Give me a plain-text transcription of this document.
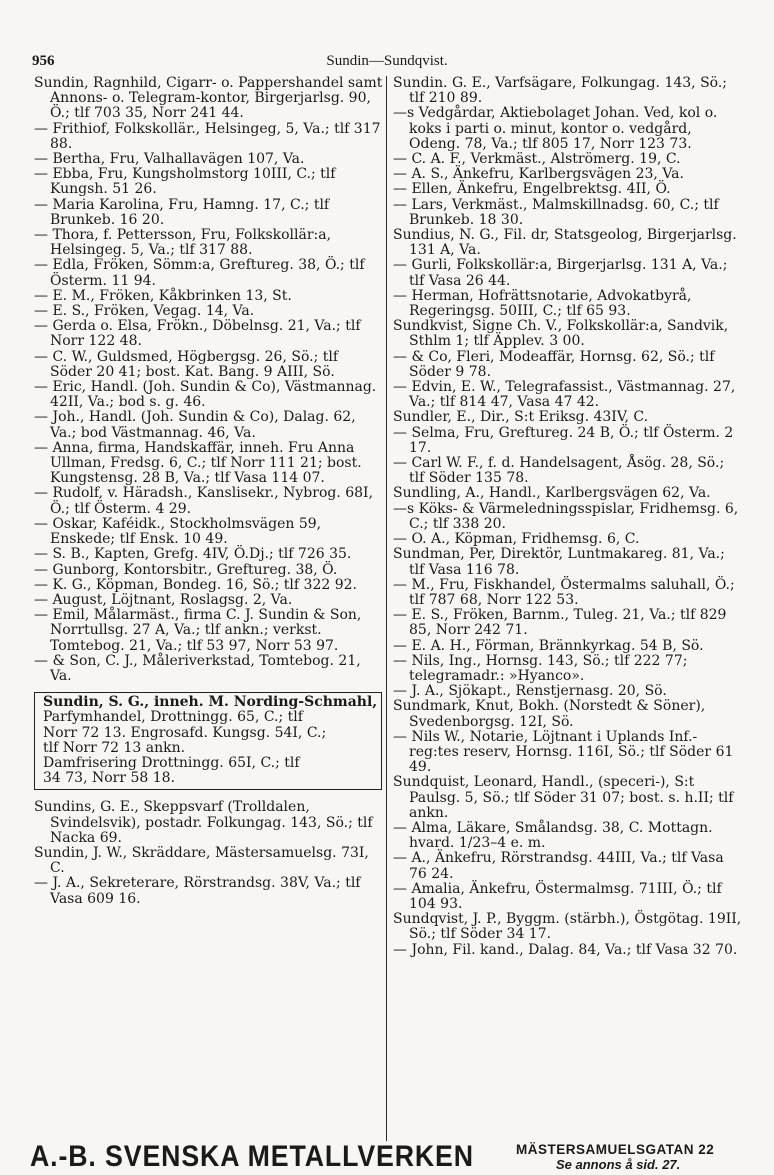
956	Sundin—Sundqvist.
Sundin, Ragnhild, Cigarr- o. Pappershandel samt Annons- o. Telegram-kontor, Birgerjarlsg. 90, Ö.; tlf 703 35, Norr 241 44.
— Frithiof, Folkskollär., Helsingeg, 5, Va.; tlf 317 88.
— Bertha, Fru, Valhallavägen 107, Va.
— Ebba, Fru, Kungsholmstorg 10III, C.; tlf Kungsh. 51 26.
— Maria Karolina, Fru, Hamng. 17, C.; tlf Brunkeb. 16 20.
— Thora, f. Pettersson, Fru, Folkskollär:a, Helsingeg. 5, Va.; tlf 317 88.
— Edla, Fröken, Sömm:a, Greftureg. 38, Ö.; tlf Österm. 11 94.
— E. M., Fröken, Kåkbrinken 13, St.
— E. S., Fröken, Vegag. 14, Va.
— Gerda o. Elsa, Frökn., Döbelnsg. 21, Va.; tlf Norr 122 48.
— C. W., Guldsmed, Högbergsg. 26, Sö.; tlf Söder 20 41; bost. Kat. Bang. 9 AIII, Sö.
— Eric, Handl. (Joh. Sundin & Co), Västmannag. 42II, Va.; bod s. g. 46.
— Joh., Handl. (Joh. Sundin & Co), Dalag. 62, Va.; bod Västmannag. 46, Va.
— Anna, firma, Handskaffär, inneh. Fru Anna Ullman, Fredsg. 6, C.; tlf Norr 111 21; bost. Kungstensg. 28 B, Va.; tlf Vasa 114 07.
— Rudolf, v. Häradsh., Kanslisekr., Nybrog. 68I, Ö.; tlf Österm. 4 29.
— Oskar, Kaféidk., Stockholmsvägen 59, Enskede; tlf Ensk. 10 49.
— S. B., Kapten, Grefg. 4IV, Ö.Dj.; tlf 726 35.
— Gunborg, Kontorsbitr., Greftureg. 38, Ö.
— K. G., Köpman, Bondeg. 16, Sö.; tlf 322 92.
— August, Löjtnant, Roslagsg. 2, Va.
— Emil, Målarmäst., firma C. J. Sundin & Son, Norrtullsg. 27 A, Va.; tlf ankn.; verkst. Tomtebog. 21, Va.; tlf 53 97, Norr 53 97.
— & Son, C. J., Måleriverkstad, Tomtebog. 21, Va.
Sundin, S. G., inneh. M. Nording-Schmahl,
Parfymhandel, Drottningg. 65, C.; tlf
Norr 72 13. Engrosafd. Kungsg. 54I, C.;
tlf Norr 72 13 ankn.
Damfrisering Drottningg. 65I, C.; tlf
34 73, Norr 58 18.
Sundins, G. E., Skeppsvarf (Trolldalen, Svindelsvik), postadr. Folkungag. 143, Sö.; tlf Nacka 69.
Sundin, J. W., Skräddare, Mästersamuelsg. 73I, C.
— J. A., Sekreterare, Rörstrandsg. 38V, Va.; tlf Vasa 609 16.
Sundin. G. E., Varfsägare, Folkungag. 143, Sö.; tlf 210 89.
—s Vedgårdar, Aktiebolaget Johan. Ved, kol o. koks i parti o. minut, kontor o. vedgård, Odeng. 78, Va.; tlf 805 17, Norr 123 73.
— C. A. F., Verkmäst., Alströmerg. 19, C.
— A. S., Änkefru, Karlbergsvägen 23, Va.
— Ellen, Änkefru, Engelbrektsg. 4II, Ö.
— Lars, Verkmäst., Malmskillnadsg. 60, C.; tlf Brunkeb. 18 30.
Sundius, N. G., Fil. dr, Statsgeolog, Birgerjarlsg. 131 A, Va.
— Gurli, Folkskollär:a, Birgerjarlsg. 131 A, Va.; tlf Vasa 26 44.
— Herman, Hofrättsnotarie, Advokatbyrå, Regeringsg. 50III, C.; tlf 65 93.
Sundkvist, Signe Ch. V., Folkskollär:a, Sandvik, Sthlm 1; tlf Äpplev. 3 00.
— & Co, Fleri, Modeaffär, Hornsg. 62, Sö.; tlf Söder 9 78.
— Edvin, E. W., Telegrafassist., Västmannag. 27, Va.; tlf 814 47, Vasa 47 42.
Sundler, E., Dir., S:t Eriksg. 43IV, C.
— Selma, Fru, Greftureg. 24 B, Ö.; tlf Österm. 2 17.
— Carl W. F., f. d. Handelsagent, Åsög. 28, Sö.; tlf Söder 135 78.
Sundling, A., Handl., Karlbergsvägen 62, Va.
—s Köks- & Värmeledningsspislar, Fridhemsg. 6, C.; tlf 338 20.
— O. A., Köpman, Fridhemsg. 6, C.
Sundman, Per, Direktör, Luntmakareg. 81, Va.; tlf Vasa 116 78.
— M., Fru, Fiskhandel, Östermalms saluhall, Ö.; tlf 787 68, Norr 122 53.
— E. S., Fröken, Barnm., Tuleg. 21, Va.; tlf 829 85, Norr 242 71.
— E. A. H., Förman, Brännkyrkag. 54 B, Sö.
— Nils, Ing., Hornsg. 143, Sö.; tlf 222 77; telegramadr.: »Hyanco».
— J. A., Sjökapt., Renstjernasg. 20, Sö.
Sundmark, Knut, Bokh. (Norstedt & Söner), Svedenborgsg. 12I, Sö.
— Nils W., Notarie, Löjtnant i Uplands Inf.-reg:tes reserv, Hornsg. 116I, Sö.; tlf Söder 61 49.
Sundquist, Leonard, Handl., (speceri-), S:t Paulsg. 5, Sö.; tlf Söder 31 07; bost. s. h.II; tlf ankn.
— Alma, Läkare, Smålandsg. 38, C. Mottagn. hvard. 1/23–4 e. m.
— A., Änkefru, Rörstrandsg. 44III, Va.; tlf Vasa 76 24.
— Amalia, Änkefru, Östermalmsg. 71III, Ö.; tlf 104 93.
Sundqvist, J. P., Byggm. (stärbh.), Östgötag. 19II, Sö.; tlf Söder 34 17.
— John, Fil. kand., Dalag. 84, Va.; tlf Vasa 32 70.
A.-B. SVENSKA METALLVERKEN	MÄSTERSAMUELSGATAN 22
Se annons å sid. 27.
